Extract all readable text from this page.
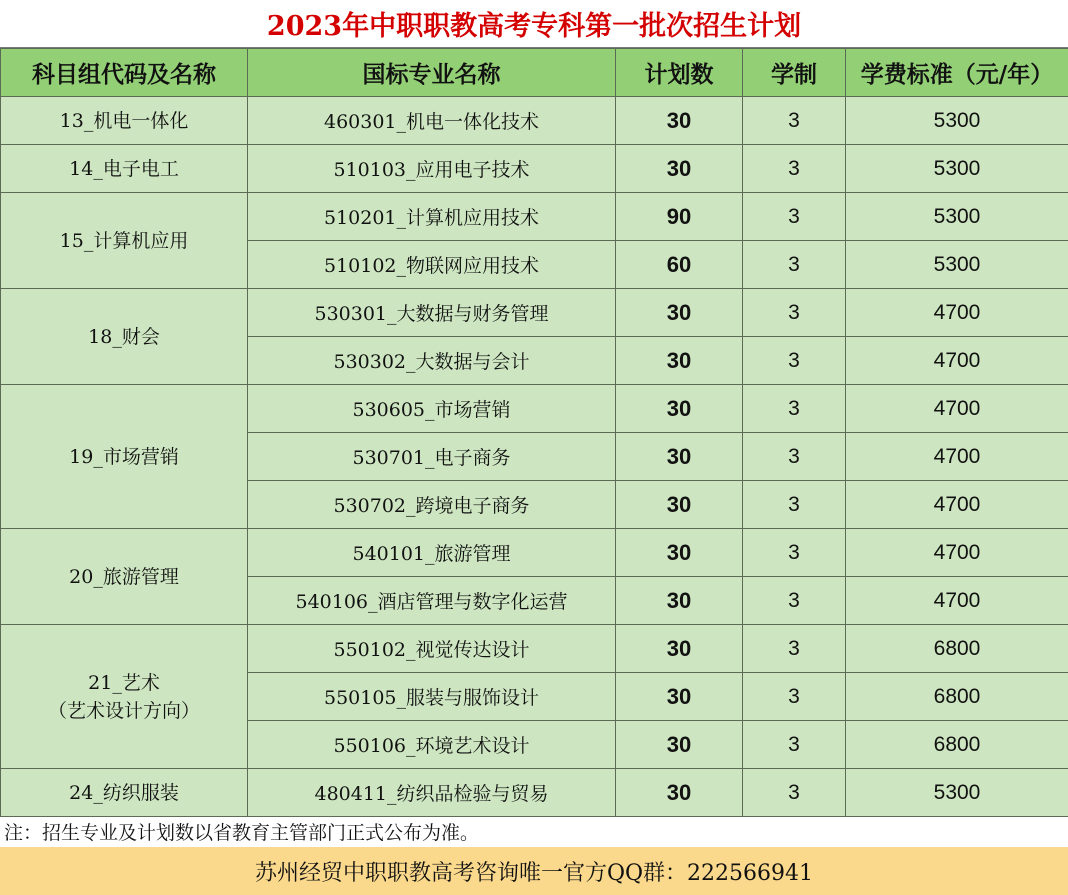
2023年中职职教高考专科第一批次招生计划
科目组代码及名称	国标专业名称	计划数	学制	学费标准（元/年）

13_机电一体化	460301_机电一体化技术	30	3	5300

14_电子电工	510103_应用电子技术	30	3	5300

15_计算机应用	510201_计算机应用技术	90	3	5300
	510102_物联网应用技术	60	3	5300

18_财会	530301_大数据与财务管理	30	3	4700
	530302_大数据与会计	30	3	4700

19_市场营销	530605_市场营销	30	3	4700
	530701_电子商务	30	3	4700
	530702_跨境电子商务	30	3	4700

20_旅游管理	540101_旅游管理	30	3	4700
	540106_酒店管理与数字化运营	30	3	4700

21_艺术
（艺术设计方向）	550102_视觉传达设计	30	3	6800
	550105_服装与服饰设计	30	3	6800
	550106_环境艺术设计	30	3	6800

24_纺织服装	480411_纺织品检验与贸易	30	3	5300
注：招生专业及计划数以省教育主管部门正式公布为准。
苏州经贸中职职教高考咨询唯一官方QQ群：222566941
